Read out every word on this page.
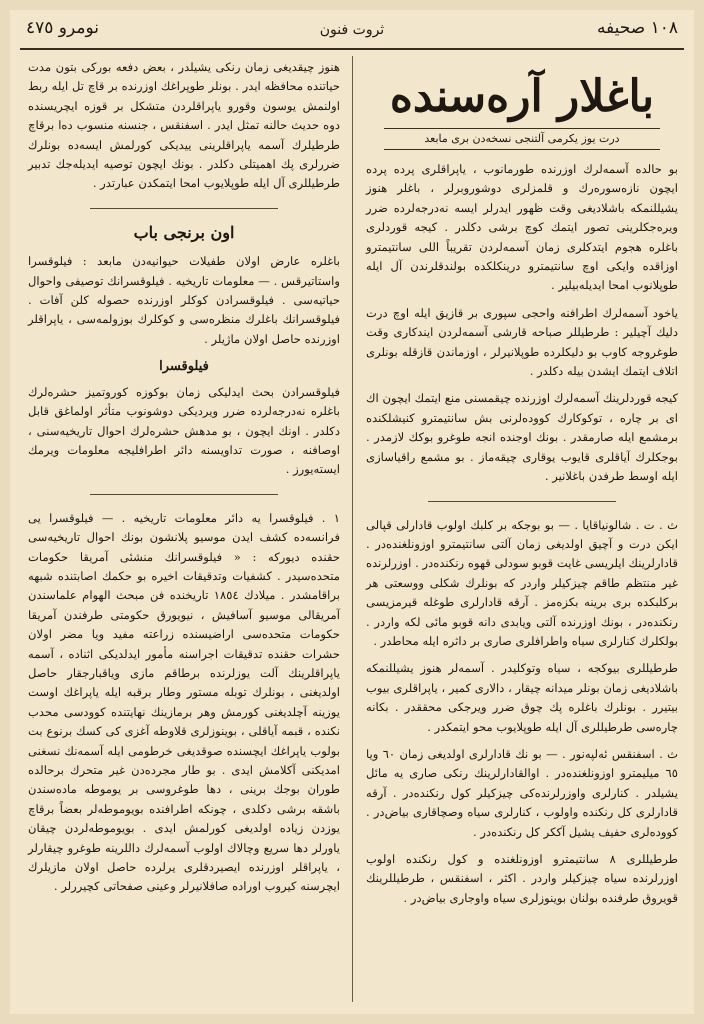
١٠٨ صحيفه
ثروت فنون
نومرو ٤٧٥
باغلار آره‌سنده
درت یوز یکرمی آلتنجی نسخه‌دن بری مابعد

بو حالده آسمه‌لرك اوزرنده طورمانوب ، یاپراقلری پرده پرده ایچون نازه‌سوره‌رك و قلمزلری دوشوروبرلر ، باغلر هنوز یشیللنمكه باشلادیغی وقت ظهور ایدرلر ایسه نه‌درجه‌لرده ضرر ویره‌جكلرینی تصور ایتمك كوچ برشی دكلدر . كیجه قوردلری باغلره هجوم ایتدكلری زمان آسمه‌لردن تقریباً اللی سانتیمترو اوزاقده وایكی اوچ سانتیمترو درینكلكده بولندقلرندن آل ایله طوپلانوب امحا ایدیله‌بیلیر .

یاخود آسمه‌لرك اطرافنه واحجی سپوری بر قازیق ایله اوچ درت دلیك آچیلیر : طرطیللر صباحه قارشی آسمه‌لردن ایندكاری وقت طوغروجه كاوب بو دلیكلرده طوپلانیرلر ، اوزماندن قازقله بونلری اتلاف ایتمك ایشدن بیله دكلدر .

كیجه قوردلرینك آسمه‌لرك اوزرنده چیقمسنی منع ایتمك ایچون اك ای بر چاره ، توكوكارك كووده‌لرنی بش سانتیمترو كنیشلكنده برمشمع ایله صارمقدر . بونك اوجنده انجه طوغرو بوكك لازمدر . بوجكلرك آیاقلری قایوب یوقاری چیقه‌ماز . بو مشمع راقیاسازی ایله اوسط طرفدن باغلانیر .

ث . ت . شالونیاقایا . — بو بوجكه بر كلبك اولوب قادارلی قپالی ایكن درت و آچیق اولدیغی زمان آلتی سانتیمترو اوزونلغنده‌در . قادارلرینك ایلریسی غایت قوبو سودلی قهوه رنكنده‌در . اوزرلرنده غیر منتظم طاقم چیزكیلر واردر كه بونلرك شكلی ووسعتی هر بركلبكده بری برینه بكزه‌مز . آرقه قادارلری طوغله قیرمزیسی رنكنده‌در ، بونك اوزرنده آلتی ویابدی دانه قوبو مائی لكه واردر . بولكلرك كنارلری سیاه واطرافلری صاری بر داثره ایله محاطدر .

طرطیللری بیوكجه ، سیاه وتوكلیدر . آسمه‌لر هنوز یشیللنمكه باشلادیغی زمان بونلر میدانه چیقار ، دالاری كمیر ، یاپراقلری بیوب بیتیرر . بونلرك باغلره پك چوق ضرر ویرجكی محققدر . بكانه چاره‌سی طرطیللری آل ایله طوپلایوب محو ایتمكدر .

ث . اسفنقس ئه‌لپه‌نور . — بو نك قادارلری اولدیغی زمان ٦٠ ویا ٦٥ میلیمترو اوزونلغنده‌در . اوالقادارلرینك رنكی صاری یه مائل یشیلدر . كنارلری واوزرلرنده‌كی چیزكیلر كول رنكنده‌در . آرقه قادارلری كل رنكنده واولوب ، كنارلری سیاه وصچاقاری بیاض‌در . كووده‌لری حفیف یشیل آككر كل رنكنده‌در .

طرطیللری ٨ سانتیمترو اوزونلغنده و كول رنكنده اولوب اوزرلرنده سیاه چیزكیلر واردر . اكثر ، اسفنقس ، طرطیللرینك قویروق طرفنده بولنان بوینوزلری سیاه واوجاری بیاض‌در .

هنوز چیقدیغی زمان رنكی یشیلدر ، بعض دفعه بوركی بتون مدت حیاتنده محافظه ایدر . بونلر طوپراغك اوزرنده بر قاچ تل ایله ربط اولنمش یوسون وقورو یاپراقلردن متشكل بر قوزه ایچریسنده دوه حدیث حالنه تمثل ایدر . اسفنقس ، جنسنه منسوب ده‌ا برقاچ طرطیلرك آسمه یاپراقلرینی ییدیكی كورلمش ایسه‌ده بونلرك ضررلری پك اهمیتلی دكلدر . بونك ایچون توصیه ایدیله‌جك تدبیر طرطیللری آل ایله طوپلایوب امحا ایتمكدن عبارتدر .

اون برنجی باب

باغلره عارض اولان طفیلات حیوانیه‌دن مابعد : فیلوقسرا واستاتیرقس . — معلومات تاریخیه . فیلوقسرانك توصیفی واحوال حیاتیه‌سی . فیلوقسرادن كوكلر اوزرنده حصوله كلن آفات . فیلوقسرانك باغلرك منظره‌سی و كوكلرك بوزولمه‌سی ، یاپراقلر اوزرنده حاصل اولان ماژیلر .

فیلوقسرا

فیلوقسرادن بحث ایدلیكی زمان بوكوزه كوروتمیز حشره‌لرك باغلره نه‌درجه‌لرده ضرر ویردیكی دوشونوب متأثر اولماغق قابل دكلدر . اونك ایچون ، بو مدهش حشره‌لرك احوال تاریخیه‌سنی ، اوصافنه ، صورت تداویسنه دائر اطرافلیجه معلومات ویرمك ایسته‌یورز .

١ . فیلوقسرا یه دائر معلومات تاریخیه . — فیلوقسرا یی فرانسه‌ده كشف ایدن موسیو پلانشون بونك احوال تاریخیه‌سی حقنده دیوركه : « فیلوقسرانك منشئی آمریقا حكومات متحده‌سیدر . كشفیات وتدقیقات اخیره بو حكمك اصابتنده شبهه براقامشدر . میلادك ١٨٥٤ تاریخنده فن مبحث الهوام علماسندن آمریقالی موسیو آسافیش ، نیویورق حكومتی طرفندن آمریقا حكومات متحده‌سی اراضیسنده زراعته مفید ویا مضر اولان حشرات حقنده تدقیقات اجراسنه مأمور ایدلدیكی اثناده ، آسمه یاپراقلرینك آلت یوزلرنده برطاقم مازی ویاقبارجقار حاصل اولدیغنی ، بونلرك توبله مستور وطار برقبه ایله یاپراغك اوست یوزینه آچلدیغنی كورمش وهر برمازینك نهایتنده كوودسی محدب نكنده ، قبمه آیاقلی ، بوینوزلری قلاوطه آغزی كی كسك برنوع بت بولوب یاپراغك ایچسنده صوقدیغی خرطومی ایله آسمه‌نك نسغنی امدیكنی آكلامش ایدی . بو طار مجرده‌دن غیر متحرك برحالده طوران بوجك برینی ، دها طوغروسی بر یوموطه ماده‌سندن باشقه برشی دكلدی ، چونكه اطرافنده بویوموطه‌لر بعضاً برقاچ یوزدن زیاده اولدیغی كورلمش ایدی . بویوموطه‌لردن چیقان یاورلر دها سریع وچالاك اولوب آسمه‌لرك داللرینه طوغرو چیقارلر ، یاپراقلر اوزرنده ایصیردقلری یرلرده حاصل اولان مازیلرك ایچرسنه كیروب اوراده صافلانیرلر وعینی صفحاتی كچیررلر .
